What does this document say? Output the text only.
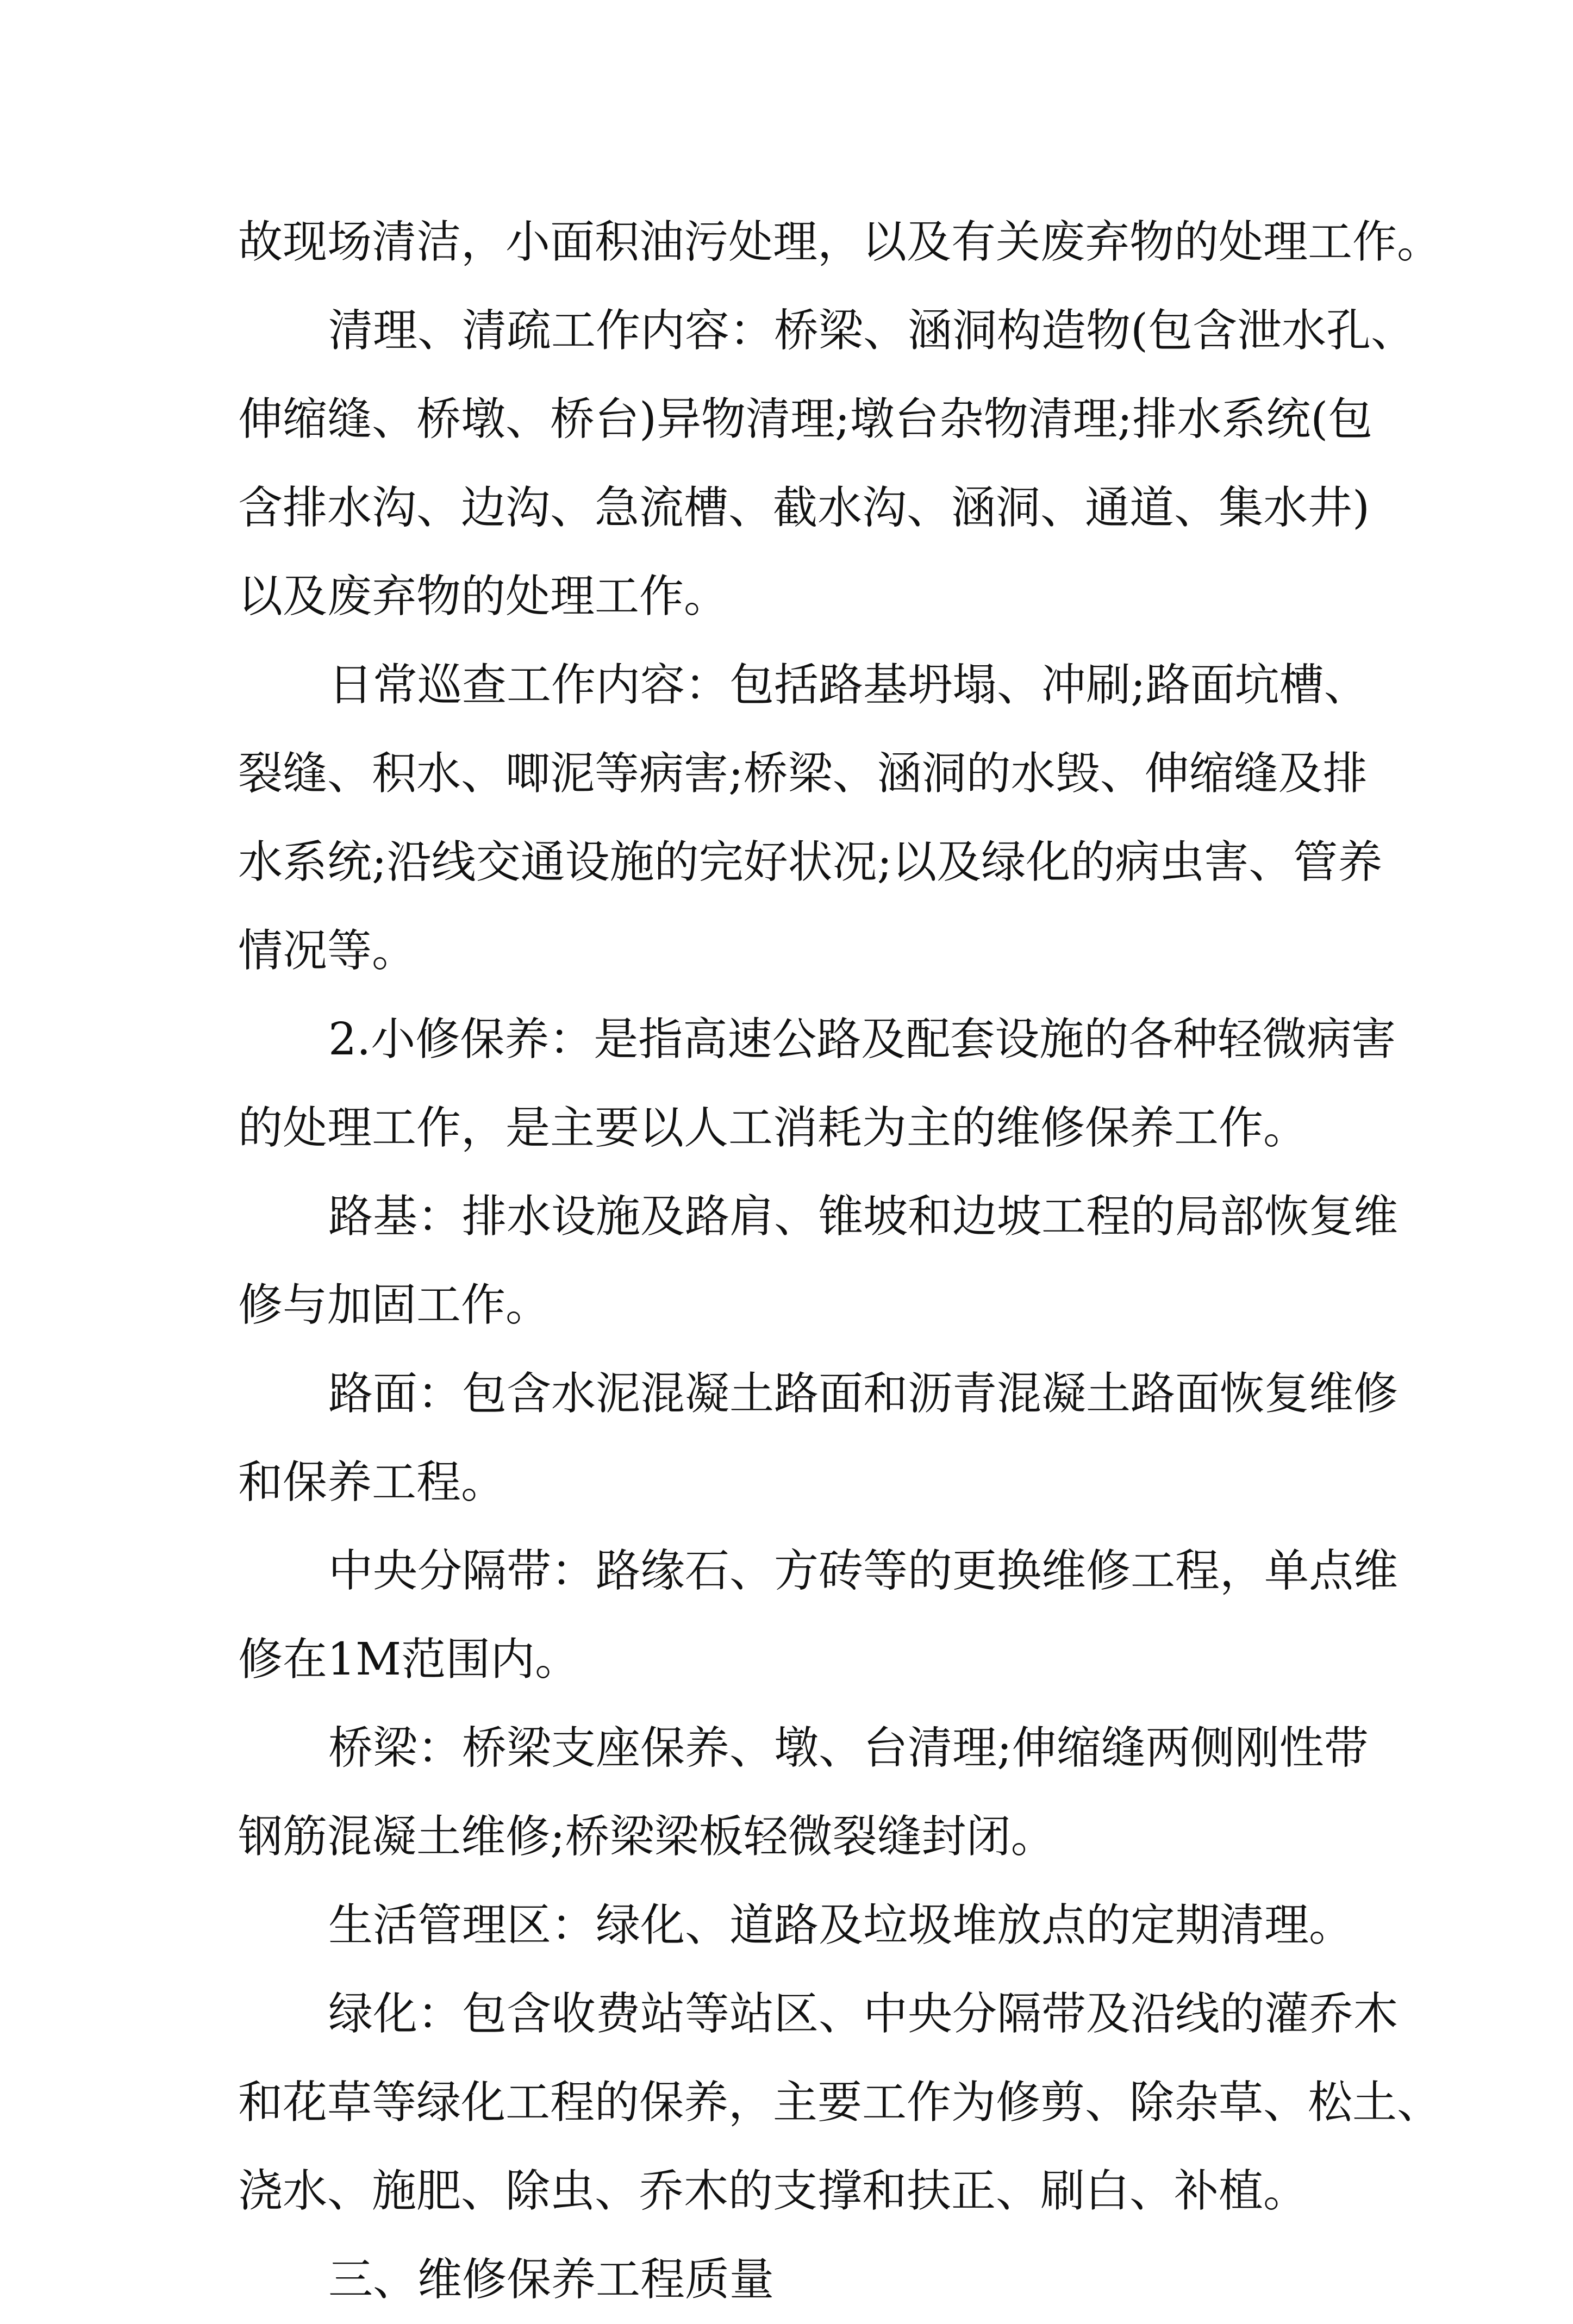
故现场清洁，小面积油污处理，以及有关废弃物的处理工作。
清理、清疏工作内容：桥梁、涵洞构造物(包含泄水孔、
伸缩缝、桥墩、桥台)异物清理;墩台杂物清理;排水系统(包
含排水沟、边沟、急流槽、截水沟、涵洞、通道、集水井)
以及废弃物的处理工作。
日常巡查工作内容：包括路基坍塌、冲刷;路面坑槽、
裂缝、积水、唧泥等病害;桥梁、涵洞的水毁、伸缩缝及排
水系统;沿线交通设施的完好状况;以及绿化的病虫害、管养
情况等。
2.小修保养：是指高速公路及配套设施的各种轻微病害
的处理工作，是主要以人工消耗为主的维修保养工作。
路基：排水设施及路肩、锥坡和边坡工程的局部恢复维
修与加固工作。
路面：包含水泥混凝土路面和沥青混凝土路面恢复维修
和保养工程。
中央分隔带：路缘石、方砖等的更换维修工程，单点维
修在1M范围内。
桥梁：桥梁支座保养、墩、台清理;伸缩缝两侧刚性带
钢筋混凝土维修;桥梁梁板轻微裂缝封闭。
生活管理区：绿化、道路及垃圾堆放点的定期清理。
绿化：包含收费站等站区、中央分隔带及沿线的灌乔木
和花草等绿化工程的保养，主要工作为修剪、除杂草、松土、
浇水、施肥、除虫、乔木的支撑和扶正、刷白、补植。
三、维修保养工程质量
